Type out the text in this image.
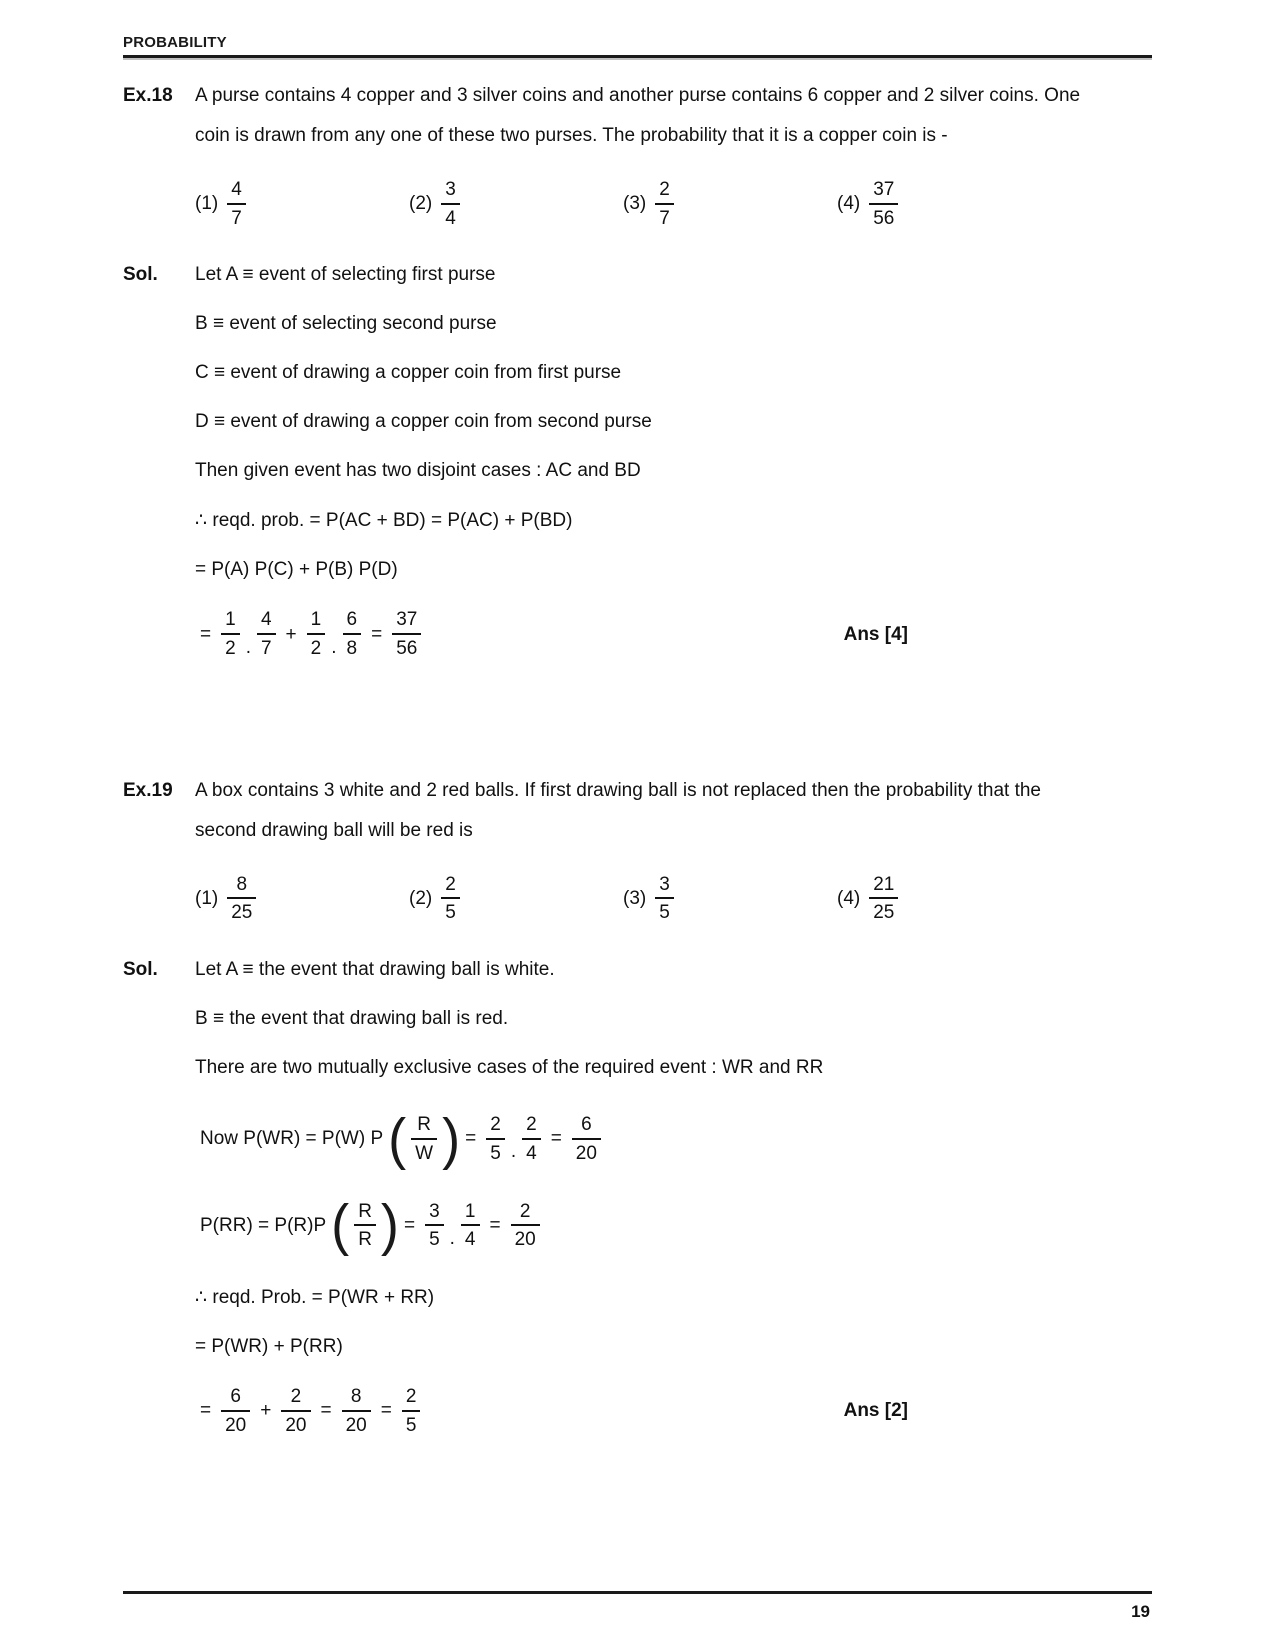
PROBABILITY
Ex.18	A purse contains 4 copper and 3 silver coins and another purse contains 6 copper and 2 silver coins. One coin is drawn from any one of these two purses. The probability that it is a copper coin is -

$(1) \frac{4}{7}$	$(2) \frac{3}{4}$	$(3) \frac{2}{7}$	$(4) \frac{37}{56}$
Sol.	Let A ≡ event of selecting first purse

B ≡ event of selecting second purse

C ≡ event of drawing a copper coin from first purse

D ≡ event of drawing a copper coin from second purse

Then given event has two disjoint cases : AC and BD

∴ reqd. prob. = P(AC + BD) = P(AC) + P(BD)

= P(A) P(C) + P(B) P(D)

= $\frac{1}{2}$ . $\frac{4}{7} + \frac{1}{2}$ . $\frac{6}{8} = \frac{37}{56}$	Ans [4]
Ex.19	A box contains 3 white and 2 red balls. If first drawing ball is not replaced then the probability that the second drawing ball will be red is

$(1) \frac{8}{25}$	$(2) \frac{2}{5}$	$(3) \frac{3}{5}$	$(4) \frac{21}{25}$
Sol.	Let A ≡ the event that drawing ball is white.

B ≡ the event that drawing ball is red.

There are two mutually exclusive cases of the required event : WR and RR

Now P(WR) = P(W) P ( $\frac{R}{W}$ ) = $\frac{2}{5}$ . $\frac{2}{4} = \frac{6}{20}$
P(RR) = P(R)P ( $\frac{R}{R}$ ) = $\frac{3}{5}$ . $\frac{1}{4} = \frac{2}{20}$

∴ reqd. Prob. = P(WR + RR)

= P(WR) + P(RR)

= $\frac{6}{20} + \frac{2}{20} = \frac{8}{20} = \frac{2}{5}$	Ans [2]
19
